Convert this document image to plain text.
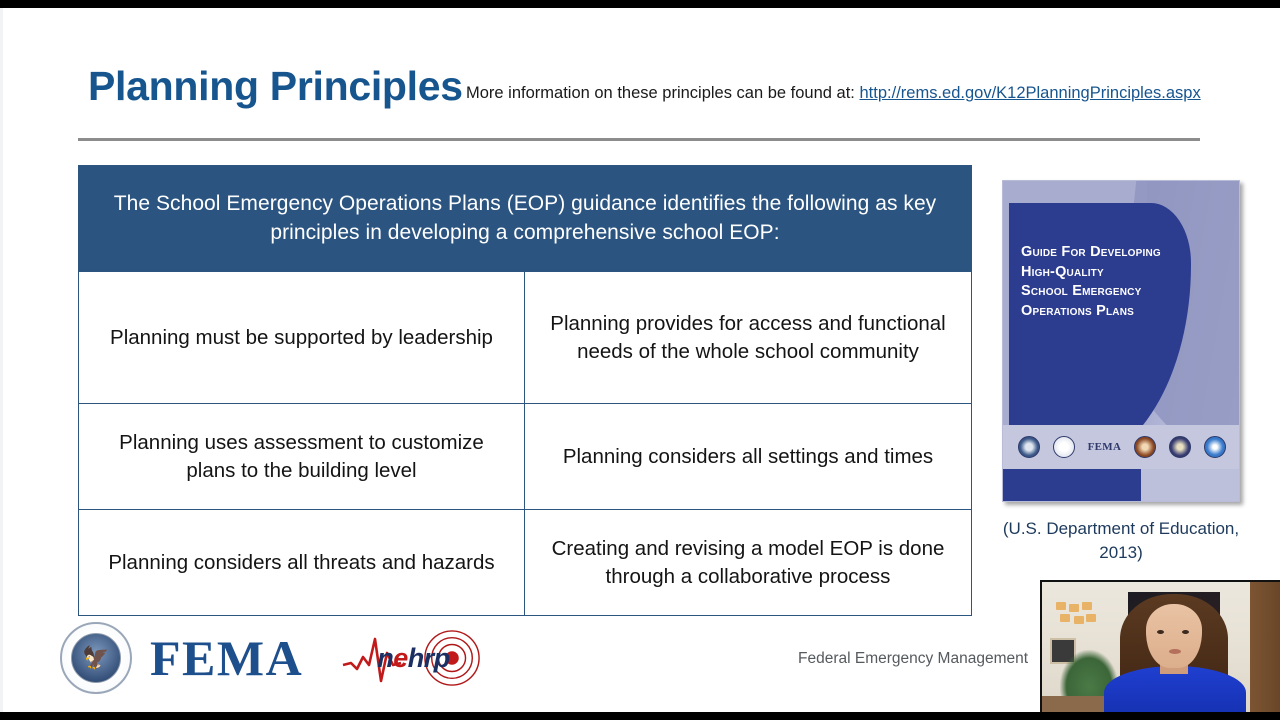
Planning Principles More information on these principles can be found at: http://rems.ed.gov/K12PlanningPrinciples.aspx
The School Emergency Operations Plans (EOP) guidance identifies the following as key principles in developing a comprehensive school EOP:
Planning must be supported by leadership
Planning provides for access and functional needs of the whole school community
Planning uses assessment to customize plans to the building level
Planning considers all settings and times
Planning considers all threats and hazards
Creating and revising a model EOP is done through a collaborative process
Guide For Developing
High-Quality
School Emergency
Operations Plans
FEMA
(U.S. Department of Education, 2013)
🦅 FEMA	nehrp	Federal Emergency Management
